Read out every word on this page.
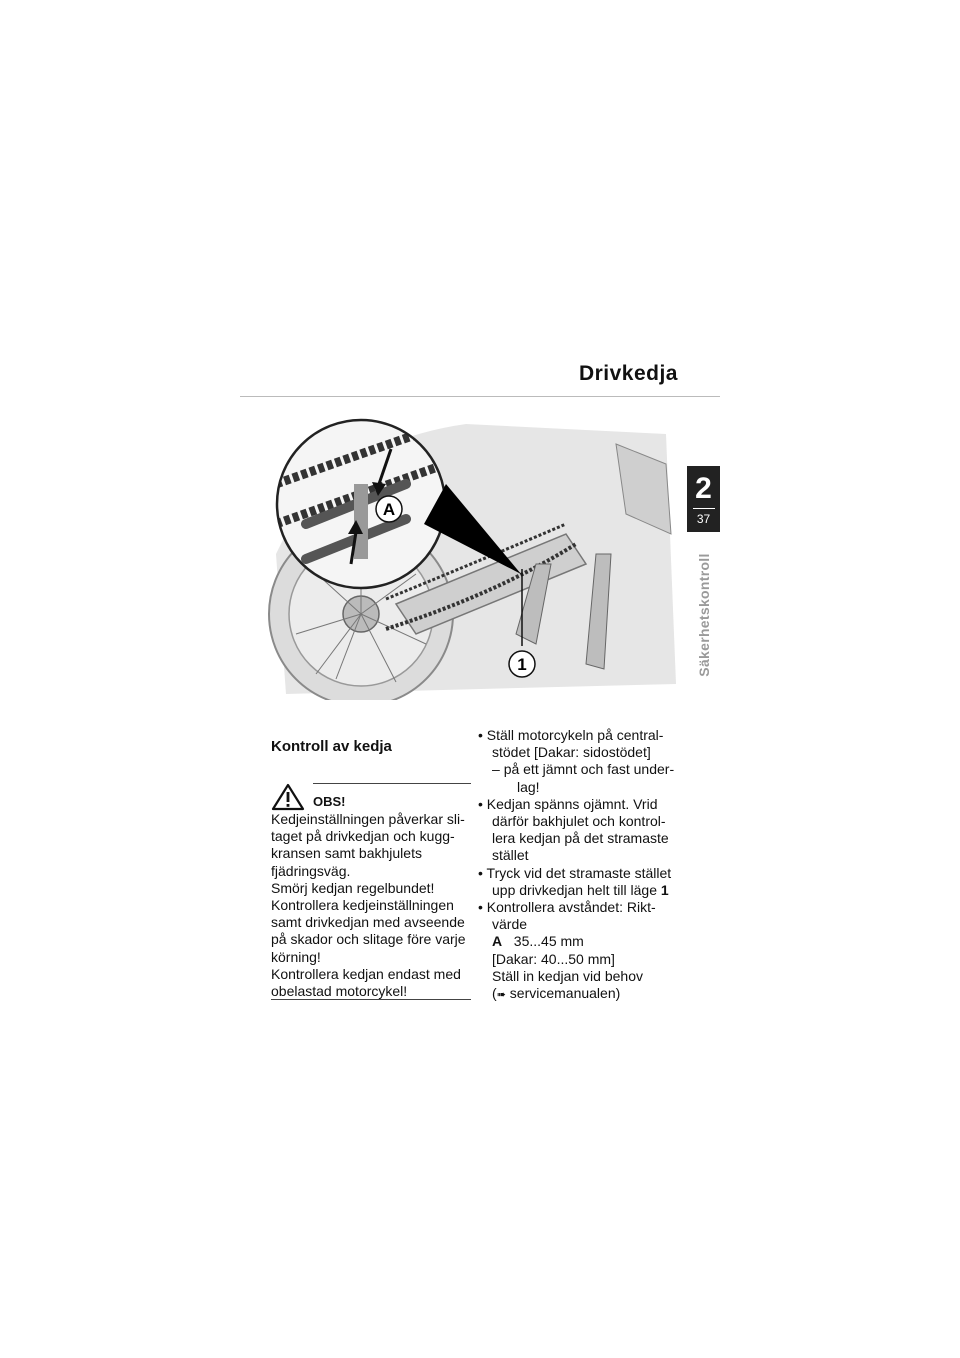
Drivkedja
A
1
2
37
Säkerhetskontroll
Kontroll av kedja
OBS!
Kedjeinställningen påverkar sli-
taget på drivkedjan och kugg-
kransen samt bakhjulets
fjädringsväg.
Smörj kedjan regelbundet!
Kontrollera kedjeinställningen
samt drivkedjan med avseende
på skador och slitage före varje
körning!
Kontrollera kedjan endast med
obelastad motorcykel!
• Ställ motorcykeln på central-
stödet [Dakar: sidostödet]
– på ett jämnt och fast under-
lag!
• Kedjan spänns ojämnt. Vrid
därför bakhjulet och kontrol-
lera kedjan på det stramaste
stället
• Tryck vid det stramaste stället
upp drivkedjan helt till läge 1
• Kontrollera avståndet: Rikt-
värde
A 35...45 mm
[Dakar: 40...50 mm]
Ställ in kedjan vid behov
(➠ servicemanualen)
